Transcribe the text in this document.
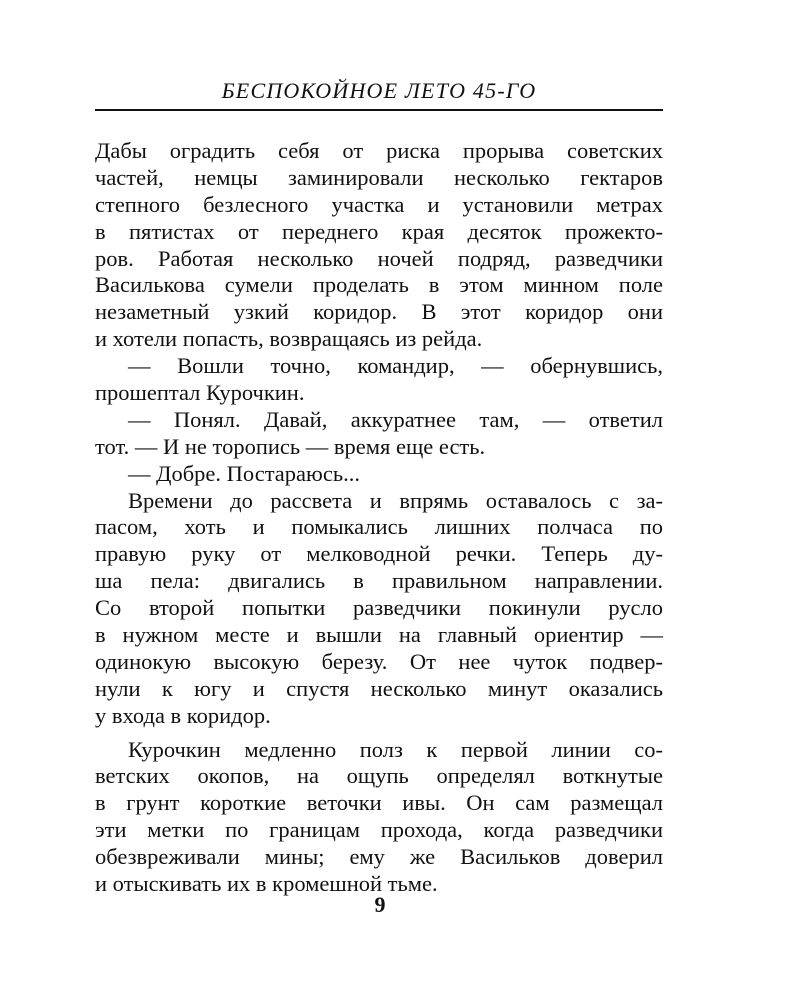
БЕСПОКОЙНОЕ ЛЕТО 45-ГО
Дабы оградить себя от риска прорыва советских
частей, немцы заминировали несколько гектаров
степного безлесного участка и установили метрах
в пятистах от переднего края десяток прожекто-
ров. Работая несколько ночей подряд, разведчики
Василькова сумели проделать в этом минном поле
незаметный узкий коридор. В этот коридор они
и хотели попасть, возвращаясь из рейда.
— Вошли точно, командир, — обернувшись,
прошептал Курочкин.
— Понял. Давай, аккуратнее там, — ответил
тот. — И не торопись — время еще есть.
— Добре. Постараюсь...
Времени до рассвета и впрямь оставалось с за-
пасом, хоть и помыкались лишних полчаса по
правую руку от мелководной речки. Теперь ду-
ша пела: двигались в правильном направлении.
Со второй попытки разведчики покинули русло
в нужном месте и вышли на главный ориентир —
одинокую высокую березу. От нее чуток подвер-
нули к югу и спустя несколько минут оказались
у входа в коридор.
Курочкин медленно полз к первой линии со-
ветских окопов, на ощупь определял воткнутые
в грунт короткие веточки ивы. Он сам размещал
эти метки по границам прохода, когда разведчики
обезвреживали мины; ему же Васильков доверил
и отыскивать их в кромешной тьме.
9
